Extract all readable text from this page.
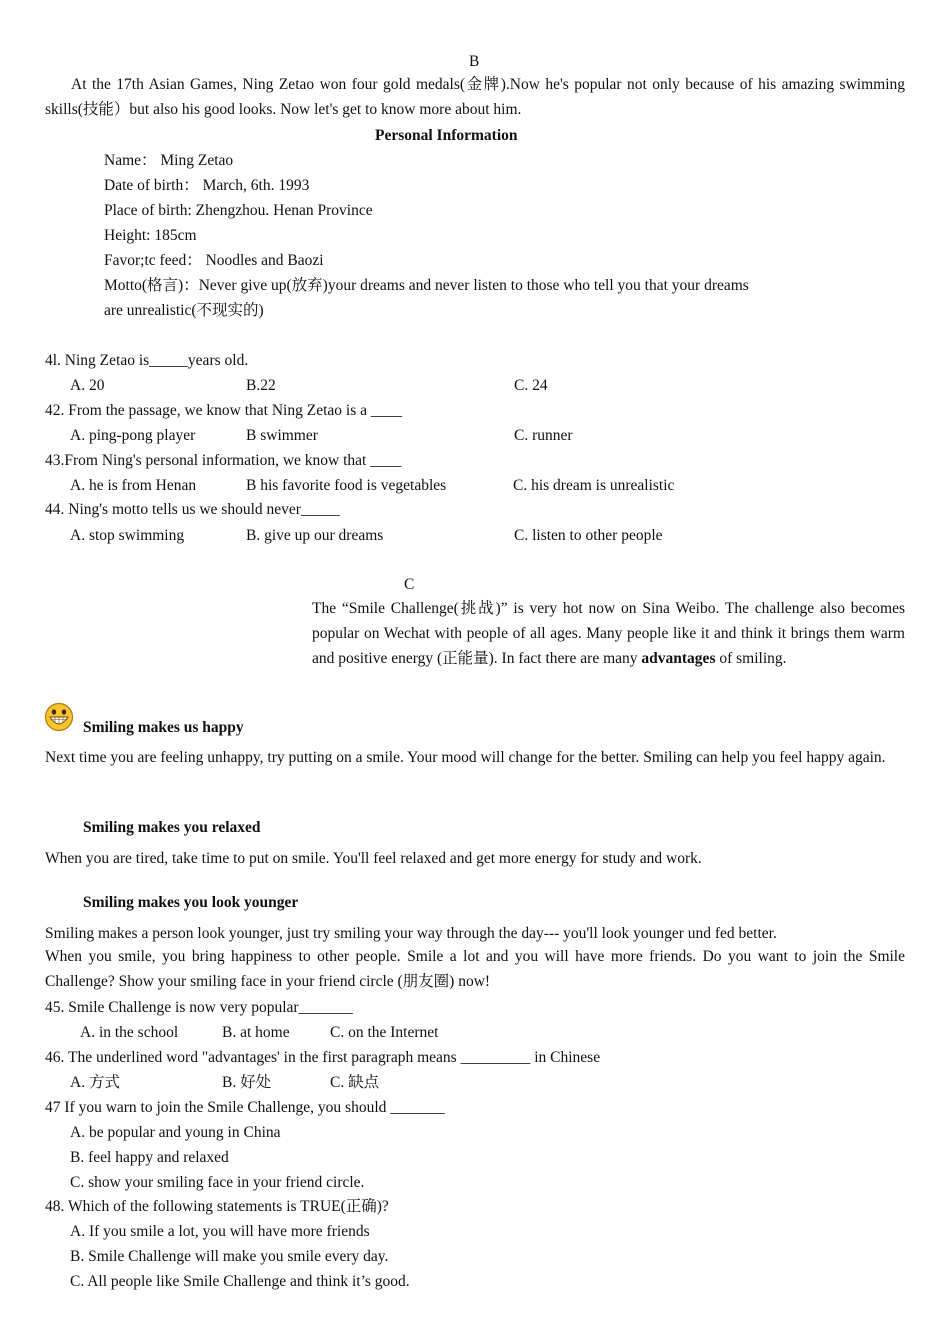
B
At the 17th Asian Games, Ning Zetao won four gold medals(金牌).Now he's popular not only because of his amazing swimming skills(技能）but also his good looks. Now let's get to know more about him.
Personal Information
Name： Ming Zetao
Date of birth： March, 6th. 1993
Place of birth: Zhengzhou. Henan Province
Height: 185cm
Favor;tc feed： Noodles and Baozi
Motto(格言)：Never give up(放弃)your dreams and never listen to those who tell you that your dreams
are unrealistic(不现实的)
4l. Ning Zetao is_____years old.
A. 20	B.22	C. 24
42. From the passage, we know that Ning Zetao is a ____
A. ping-pong player	B swimmer	C. runner
43.From Ning's personal information, we know that ____
A. he is from Henan	B his favorite food is vegetables	C. his dream is unrealistic
44. Ning's motto tells us we should never_____
A. stop swimming	B. give up our dreams	C. listen to other people
C
The “Smile Challenge(挑战)” is very hot now on Sina Weibo. The challenge also becomes popular on Wechat with people of all ages. Many people like it and think it brings them warm and positive energy (正能量). In fact there are many advantages of smiling.
Smiling makes us happy
Next time you are feeling unhappy, try putting on a smile. Your mood will change for the better. Smiling can help you feel happy again.
Smiling makes you relaxed
When you are tired, take time to put on smile. You'll feel relaxed and get more energy for study and work.
Smiling makes you look younger
Smiling makes a person look younger, just try smiling your way through the day--- you'll look younger und fed better.
When you smile, you bring happiness to other people. Smile a lot and you will have more friends. Do you want to join the Smile Challenge? Show your smiling face in your friend circle (朋友圈) now!
45. Smile Challenge is now very popular_______
A. in the school	B. at home	C. on the Internet
46. The underlined word "advantages' in the first paragraph means _________ in Chinese
A. 方式	B. 好处	C. 缺点
47 If you warn to join the Smile Challenge, you should _______
A. be popular and young in China
B. feel happy and relaxed
C. show your smiling face in your friend circle.
48. Which of the following statements is TRUE(正确)?
A. If you smile a lot, you will have more friends
B. Smile Challenge will make you smile every day.
C. All people like Smile Challenge and think it’s good.
